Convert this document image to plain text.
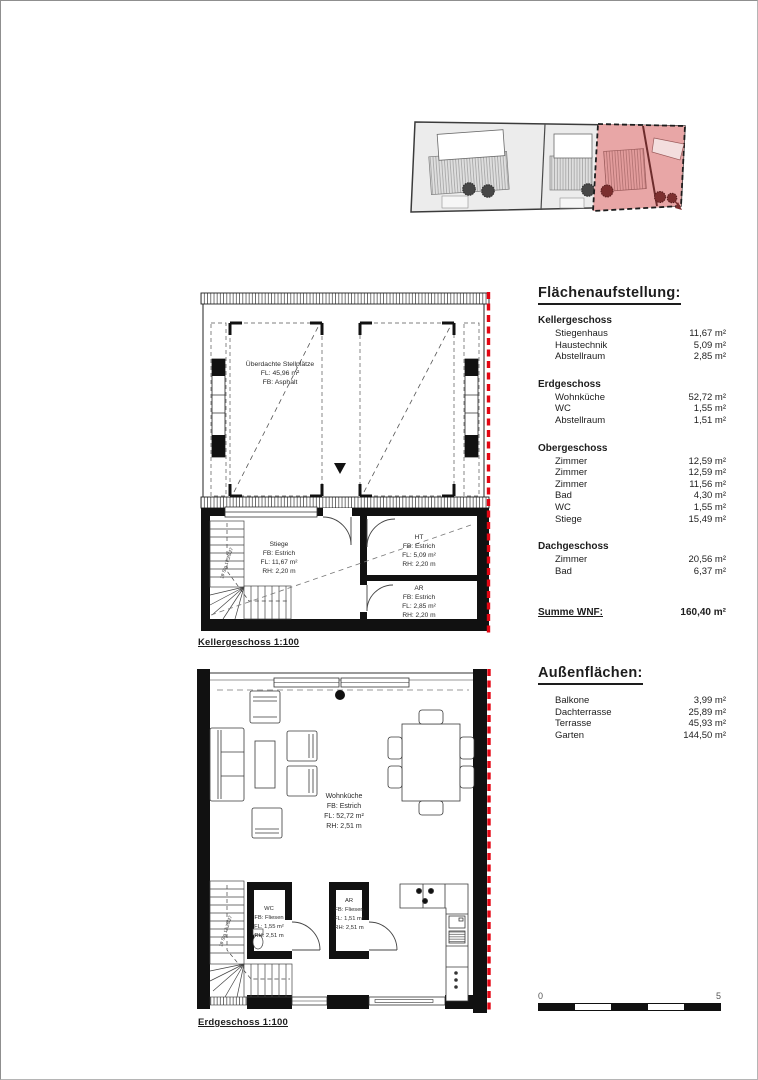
Überdachte Stellplätze
FL: 45,96 m²
FB: Asphalt
19 Stg 17,20/27
Stiege
FB: Estrich
FL: 11,67 m²
RH: 2,20 m
HT
FB: Estrich
FL: 5,09 m²
RH: 2,20 m
AR
FB: Estrich
FL: 2,85 m²
RH: 2,20 m
Kellergeschoss 1:100
19 Stg 17,20/27
Wohnküche
FB: Estrich
FL: 52,72 m²
RH: 2,51 m
WC
FB: Fliesen
FL: 1,55 m²
RH: 2,51 m
AR
FB: Fliesen
FL: 1,51 m²
RH: 2,51 m
Erdgeschoss 1:100
Flächenaufstellung:
Kellergeschoss
Stiegenhaus	11,67 m²
Haustechnik	5,09 m²
Abstellraum	2,85 m²
Erdgeschoss
Wohnküche	52,72 m²
WC	1,55 m²
Abstellraum	1,51 m²
Obergeschoss
Zimmer	12,59 m²
Zimmer	12,59 m²
Zimmer	11,56 m²
Bad	4,30 m²
WC	1,55 m²
Stiege	15,49 m²
Dachgeschoss
Zimmer	20,56 m²
Bad	6,37 m²
Summe WNF:	160,40 m²
Außenflächen:
Balkone	3,99 m²
Dachterrasse	25,89 m²
Terrasse	45,93 m²
Garten	144,50 m²
0	5
